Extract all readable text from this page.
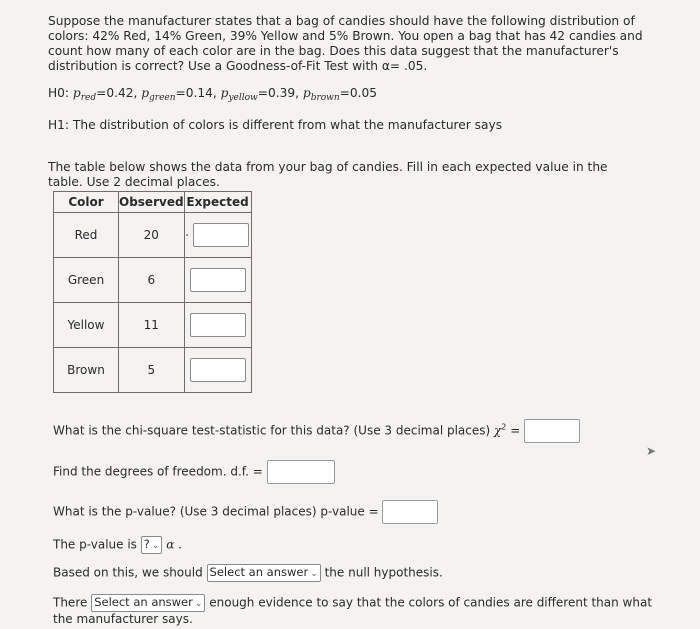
Suppose the manufacturer states that a bag of candies should have the following distribution of colors: 42% Red, 14% Green, 39% Yellow and 5% Brown. You open a bag that has 42 candies and count how many of each color are in the bag. Does this data suggest that the manufacturer's distribution is correct? Use a Goodness-of-Fit Test with α= .05.
H0: $p_{red}=0.42$, $p_{green}=0.14$, $p_{yellow}=0.39$, $p_{brown}=0.05$
H1: The distribution of colors is different from what the manufacturer says
The table below shows the data from your bag of candies. Fill in each expected value in the table. Use 2 decimal places.
Color	Observed	Expected
Red	20	
Green	6	
Yellow	11	
Brown	5	
What is the chi-square test-statistic for this data? (Use 3 decimal places) $\chi^2$ =
Find the degrees of freedom. d.f. =
What is the p-value? (Use 3 decimal places) p-value =
The p-value is ? ⌄ α .
Based on this, we should Select an answer ⌄ the null hypothesis.
There Select an answer ⌄ enough evidence to say that the colors of candies are different than what the manufacturer says.
➤
